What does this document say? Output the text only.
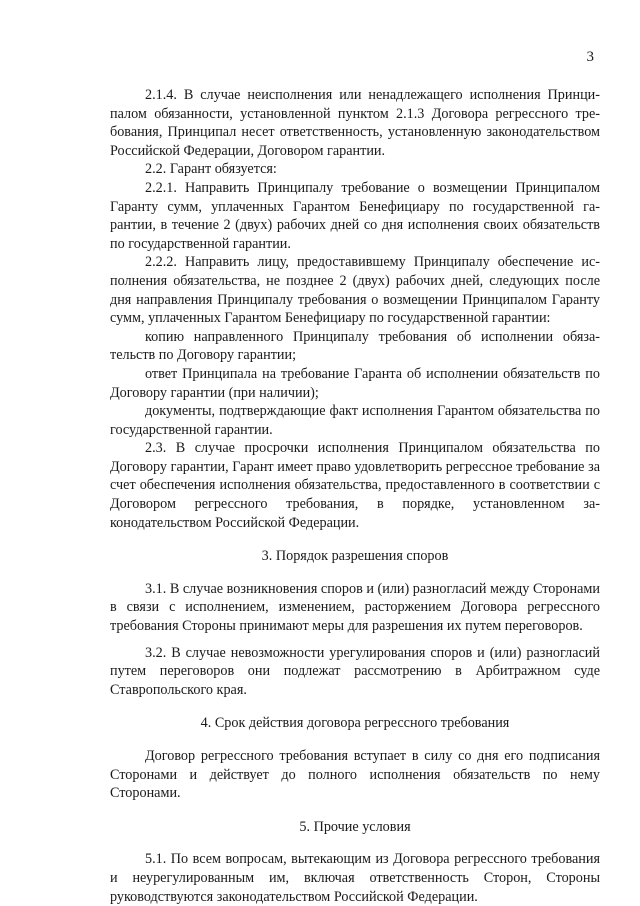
3

2.1.4. В случае неисполнения или ненадлежащего исполнения Принципалом обязанности, установленной пунктом 2.1.3 Договора регрессного требования, Принципал несет ответственность, установленную законодательством Российской Федерации, Договором гарантии.

2.2. Гарант обязуется:

2.2.1. Направить Принципалу требование о возмещении Принципалом Гаранту сумм, уплаченных Гарантом Бенефициару по государственной гарантии, в течение 2 (двух) рабочих дней со дня исполнения своих обязательств по государственной гарантии.

2.2.2. Направить лицу, предоставившему Принципалу обеспечение исполнения обязательства, не позднее 2 (двух) рабочих дней, следующих после дня направления Принципалу требования о возмещении Принципалом Гаранту сумм, уплаченных Гарантом Бенефициару по государственной гарантии:

копию направленного Принципалу требования об исполнении обязательств по Договору гарантии;

ответ Принципала на требование Гаранта об исполнении обязательств по Договору гарантии (при наличии);

документы, подтверждающие факт исполнения Гарантом обязательства по государственной гарантии.

2.3. В случае просрочки исполнения Принципалом обязательства по Договору гарантии, Гарант имеет право удовлетворить регрессное требование за счет обеспечения исполнения обязательства, предоставленного в соответствии с Договором регрессного требования, в порядке, установленном законодательством Российской Федерации.

3. Порядок разрешения споров

3.1. В случае возникновения споров и (или) разногласий между Сторонами в связи с исполнением, изменением, расторжением Договора регрессного требования Стороны принимают меры для разрешения их путем переговоров.

3.2. В случае невозможности урегулирования споров и (или) разногласий путем переговоров они подлежат рассмотрению в Арбитражном суде Ставропольского края.

4. Срок действия договора регрессного требования

Договор регрессного требования вступает в силу со дня его подписания Сторонами и действует до полного исполнения обязательств по нему Сторонами.

5. Прочие условия

5.1. По всем вопросам, вытекающим из Договора регрессного требования и неурегулированным им, включая ответственность Сторон, Стороны руководствуются законодательством Российской Федерации.
